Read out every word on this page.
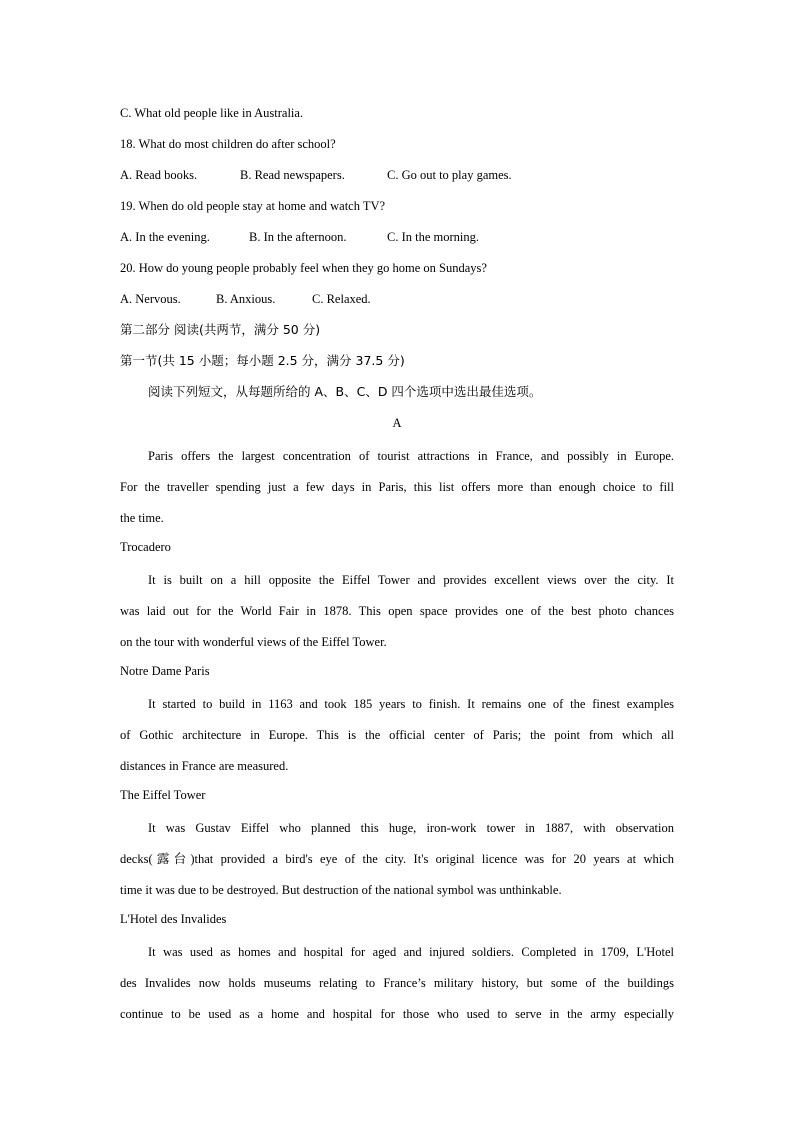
C. What old people like in Australia.
18. What do most children do after school?
A. Read books.	B. Read newspapers.	C. Go out to play games.
19. When do old people stay at home and watch TV?
A. In the evening.	B. In the afternoon.	C. In the morning.
20. How do young people probably feel when they go home on Sundays?
A. Nervous.	B. Anxious.	C. Relaxed.
第二部分 阅读(共两节，满分 50 分)
第一节(共 15 小题；每小题 2.5 分，满分 37.5 分)
阅读下列短文，从每题所给的 A、B、C、D 四个选项中选出最佳选项。
A
Paris offers the largest concentration of tourist attractions in France, and possibly in Europe.
For the traveller spending just a few days in Paris, this list offers more than enough choice to fill
the time.
Trocadero
It is built on a hill opposite the Eiffel Tower and provides excellent views over the city. It
was laid out for the World Fair in 1878. This open space provides one of the best photo chances
on the tour with wonderful views of the Eiffel Tower.
Notre Dame Paris
It started to build in 1163 and took 185 years to finish. It remains one of the finest examples
of Gothic architecture in Europe. This is the official center of Paris; the point from which all
distances in France are measured.
The Eiffel Tower
It was Gustav Eiffel who planned this huge, iron-work tower in 1887, with observation
decks(露台)that provided a bird's eye of the city. It's original licence was for 20 years at which
time it was due to be destroyed. But destruction of the national symbol was unthinkable.
L'Hotel des Invalides
It was used as homes and hospital for aged and injured soldiers. Completed in 1709, L'Hotel
des Invalides now holds museums relating to France’s military history, but some of the buildings
continue to be used as a home and hospital for those who used to serve in the army especially
